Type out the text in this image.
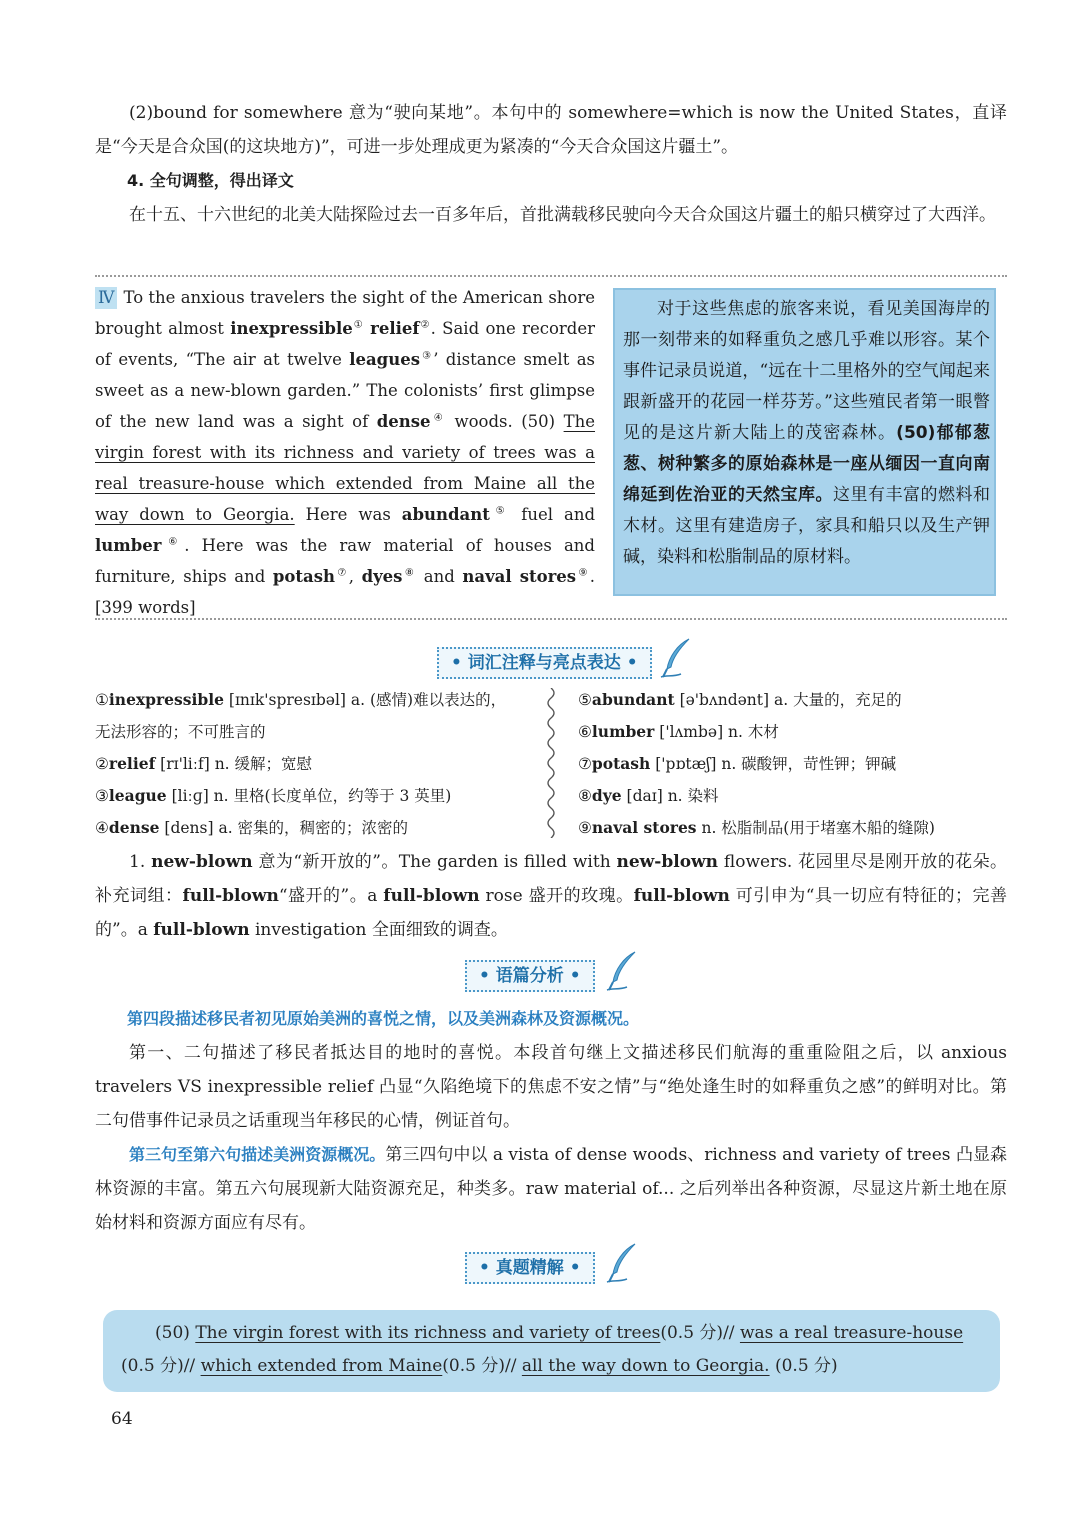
(2)bound for somewhere 意为“驶向某地”。本句中的 somewhere=which is now the United States，直译是“今天是合众国(的这块地方)”，可进一步处理成更为紧凑的“今天合众国这片疆土”。

4. 全句调整，得出译文

在十五、十六世纪的北美大陆探险过去一百多年后，首批满载移民驶向今天合众国这片疆土的船只横穿过了大西洋。

Ⅳ To the anxious travelers the sight of the American shore brought almost inexpressible① relief②. Said one recorder of events, “The air at twelve leagues③’ distance smelt as sweet as a new-blown garden.” The colonists’ first glimpse of the new land was a sight of dense④ woods. (50) The virgin forest with its richness and variety of trees was a real treasure-house which extended from Maine all the way down to Georgia. Here was abundant⑤ fuel and lumber⑥. Here was the raw material of houses and furniture, ships and potash⑦, dyes⑧ and naval stores⑨. [399 words]

对于这些焦虑的旅客来说，看见美国海岸的那一刻带来的如释重负之感几乎难以形容。某个事件记录员说道，“远在十二里格外的空气闻起来跟新盛开的花园一样芬芳。”这些殖民者第一眼瞥见的是这片新大陆上的茂密森林。(50)郁郁葱葱、树种繁多的原始森林是一座从缅因一直向南绵延到佐治亚的天然宝库。这里有丰富的燃料和木材。这里有建造房子，家具和船只以及生产钾碱，染料和松脂制品的原材料。

• 词汇注释与亮点表达 •

①inexpressible [ɪnɪk'spresɪbəl] a. (感情)难以表达的，

无法形容的；不可胜言的

②relief [rɪ'liːf] n. 缓解；宽慰

③league [liːɡ] n. 里格(长度单位，约等于 3 英里)

④dense [dens] a. 密集的，稠密的；浓密的

⑤abundant [ə'bʌndənt] a. 大量的，充足的

⑥lumber ['lʌmbə] n. 木材

⑦potash ['pɒtæʃ] n. 碳酸钾，苛性钾；钾碱

⑧dye [daɪ] n. 染料

⑨naval stores n. 松脂制品(用于堵塞木船的缝隙)

1. new-blown 意为“新开放的”。The garden is filled with new-blown flowers. 花园里尽是刚开放的花朵。补充词组：full-blown“盛开的”。a full-blown rose 盛开的玫瑰。full-blown 可引申为“具一切应有特征的；完善的”。a full-blown investigation 全面细致的调查。

• 语篇分析 •

第四段描述移民者初见原始美洲的喜悦之情，以及美洲森林及资源概况。

第一、二句描述了移民者抵达目的地时的喜悦。本段首句继上文描述移民们航海的重重险阻之后，以 anxious travelers VS inexpressible relief 凸显“久陷绝境下的焦虑不安之情”与“绝处逢生时的如释重负之感”的鲜明对比。第二句借事件记录员之话重现当年移民的心情，例证首句。

第三句至第六句描述美洲资源概况。第三四句中以 a vista of dense woods、richness and variety of trees 凸显森林资源的丰富。第五六句展现新大陆资源充足，种类多。raw material of... 之后列举出各种资源，尽显这片新土地在原始材料和资源方面应有尽有。

• 真题精解 •

(50) The virgin forest with its richness and variety of trees(0.5 分)// was a real treasure-house (0.5 分)// which extended from Maine(0.5 分)// all the way down to Georgia. (0.5 分)

64
